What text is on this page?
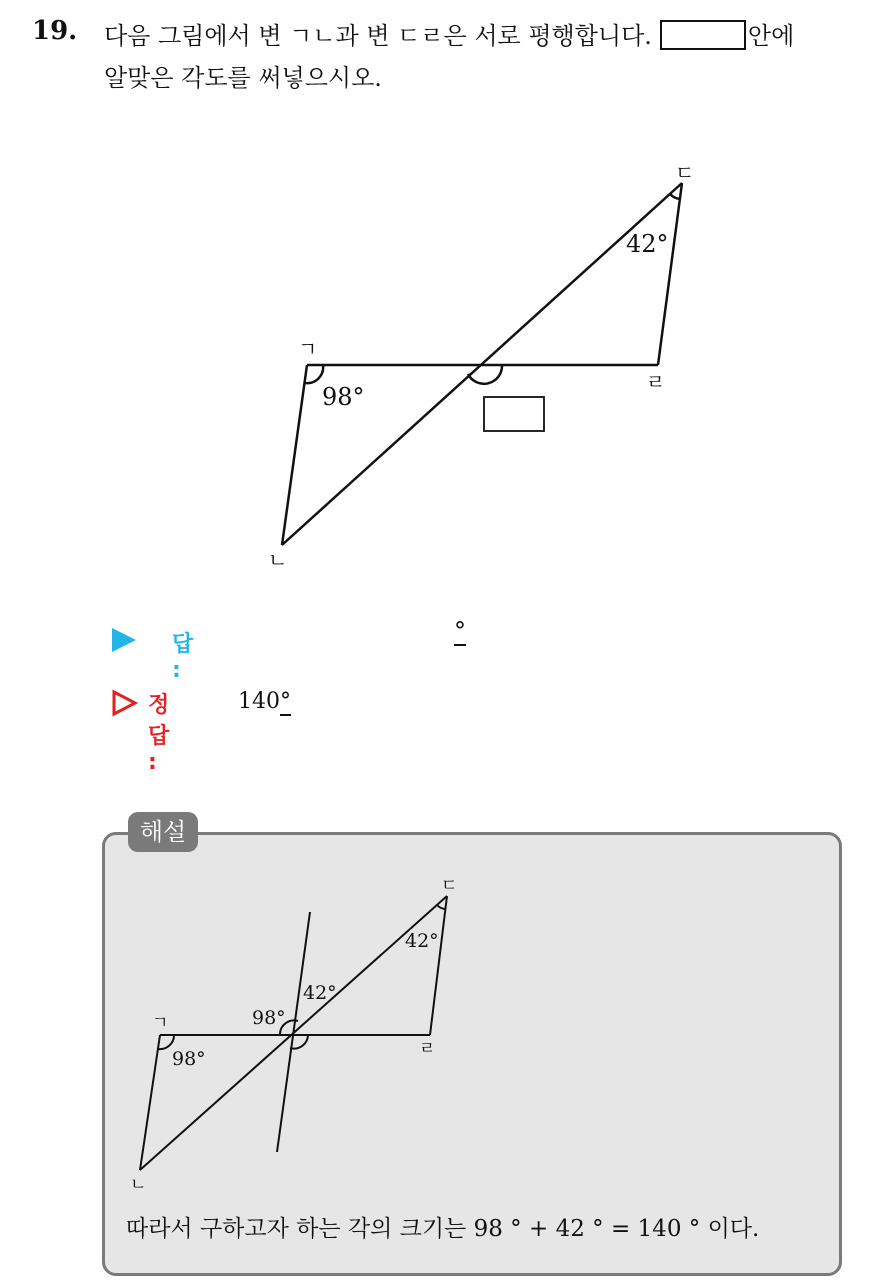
19. 다음 그림에서 변 ㄱㄴ과 변 ㄷㄹ은 서로 평행합니다.	안에
알맞은 각도를 써넣으시오.
ㄱ
ㄴ
ㄷ
ㄹ
98°
42°
답 :
°
정답 :
140°
해설
ㄱ
ㄴ
ㄷ
ㄹ
98°
42°
98°
42°
따라서 구하고자 하는 각의 크기는 98 ° + 42 ° = 140 ° 이다.
